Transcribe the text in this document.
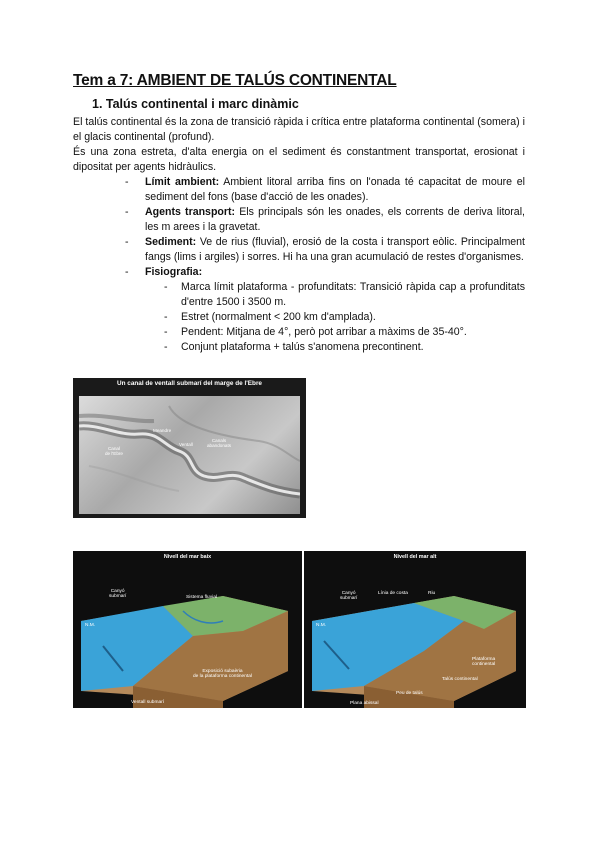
Tem a 7: AMBIENT DE TALÚS CONTINENTAL
1. Talús continental i marc dinàmic

El talús continental és la zona de transició ràpida i crítica entre plataforma continental (somera) i el glacis continental (profund).

És una zona estreta, d'alta energia on el sediment és constantment transportat, erosionat i dipositat per agents hidràulics.

- Límit ambient: Ambient litoral arriba fins on l'onada té capacitat de moure el sediment del fons (base d'acció de les onades).
- Agents transport: Els principals són les onades, els corrents de deriva litoral, les m arees i la gravetat.
- Sediment: Ve de rius (fluvial), erosió de la costa i transport eòlic. Principalment fangs (lims i argiles) i sorres. Hi ha una gran acumulació de restes d'organismes.
- Fisiografia:
- Marca límit plataforma - profunditats: Transició ràpida cap a profunditats d'entre 1500 i 3500 m.
- Estret (normalment < 200 km d'amplada).
- Pendent: Mitjana de 4°, però pot arribar a màxims de 35-40°.
- Conjunt plataforma + talús s'anomena precontinent.
Un canal de ventall submarí del marge de l'Ebre
Canal
de l'Ebre
Meandre
Ventall
Canals
abandonats
Nivell del mar baix
Canyó
submarí	Sistema fluvial
N.M.
Exposició subaèria
de la plataforma continental
Ventall submarí
Nivell del mar alt
Canyó
submarí
Línia de costa	Riu
N.M.
Plataforma
continental
Talús continental
Peu de talús
Plana abissal
